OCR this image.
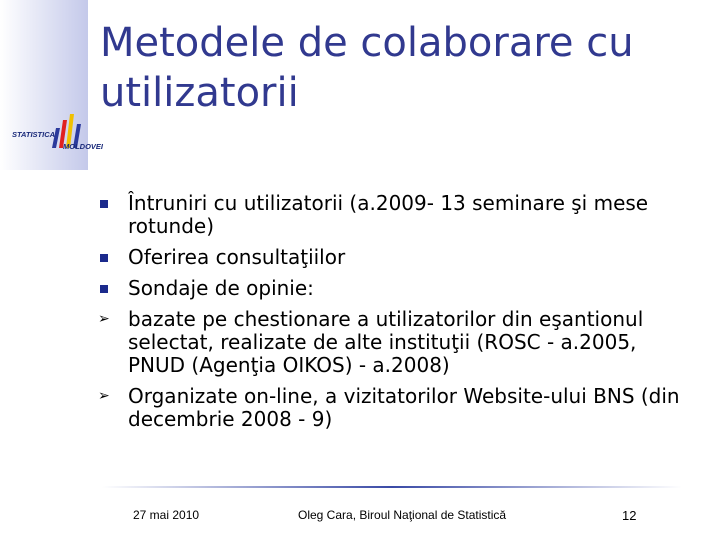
Metodele de colaborare cu utilizatorii
STATISTICA
MOLDOVEI
Întruniri cu utilizatorii (a.2009- 13 seminare şi mese rotunde)
Oferirea consultaţiilor
Sondaje de opinie:
➢ bazate pe chestionare a utilizatorilor din eşantionul selectat, realizate de alte instituţii (ROSC - a.2005, PNUD (Agenţia OIKOS) - a.2008)
➢ Organizate on-line, a vizitatorilor Website-ului BNS (din decembrie 2008 - 9)
27 mai 2010	Oleg Cara, Biroul Naţional de Statistică	12
